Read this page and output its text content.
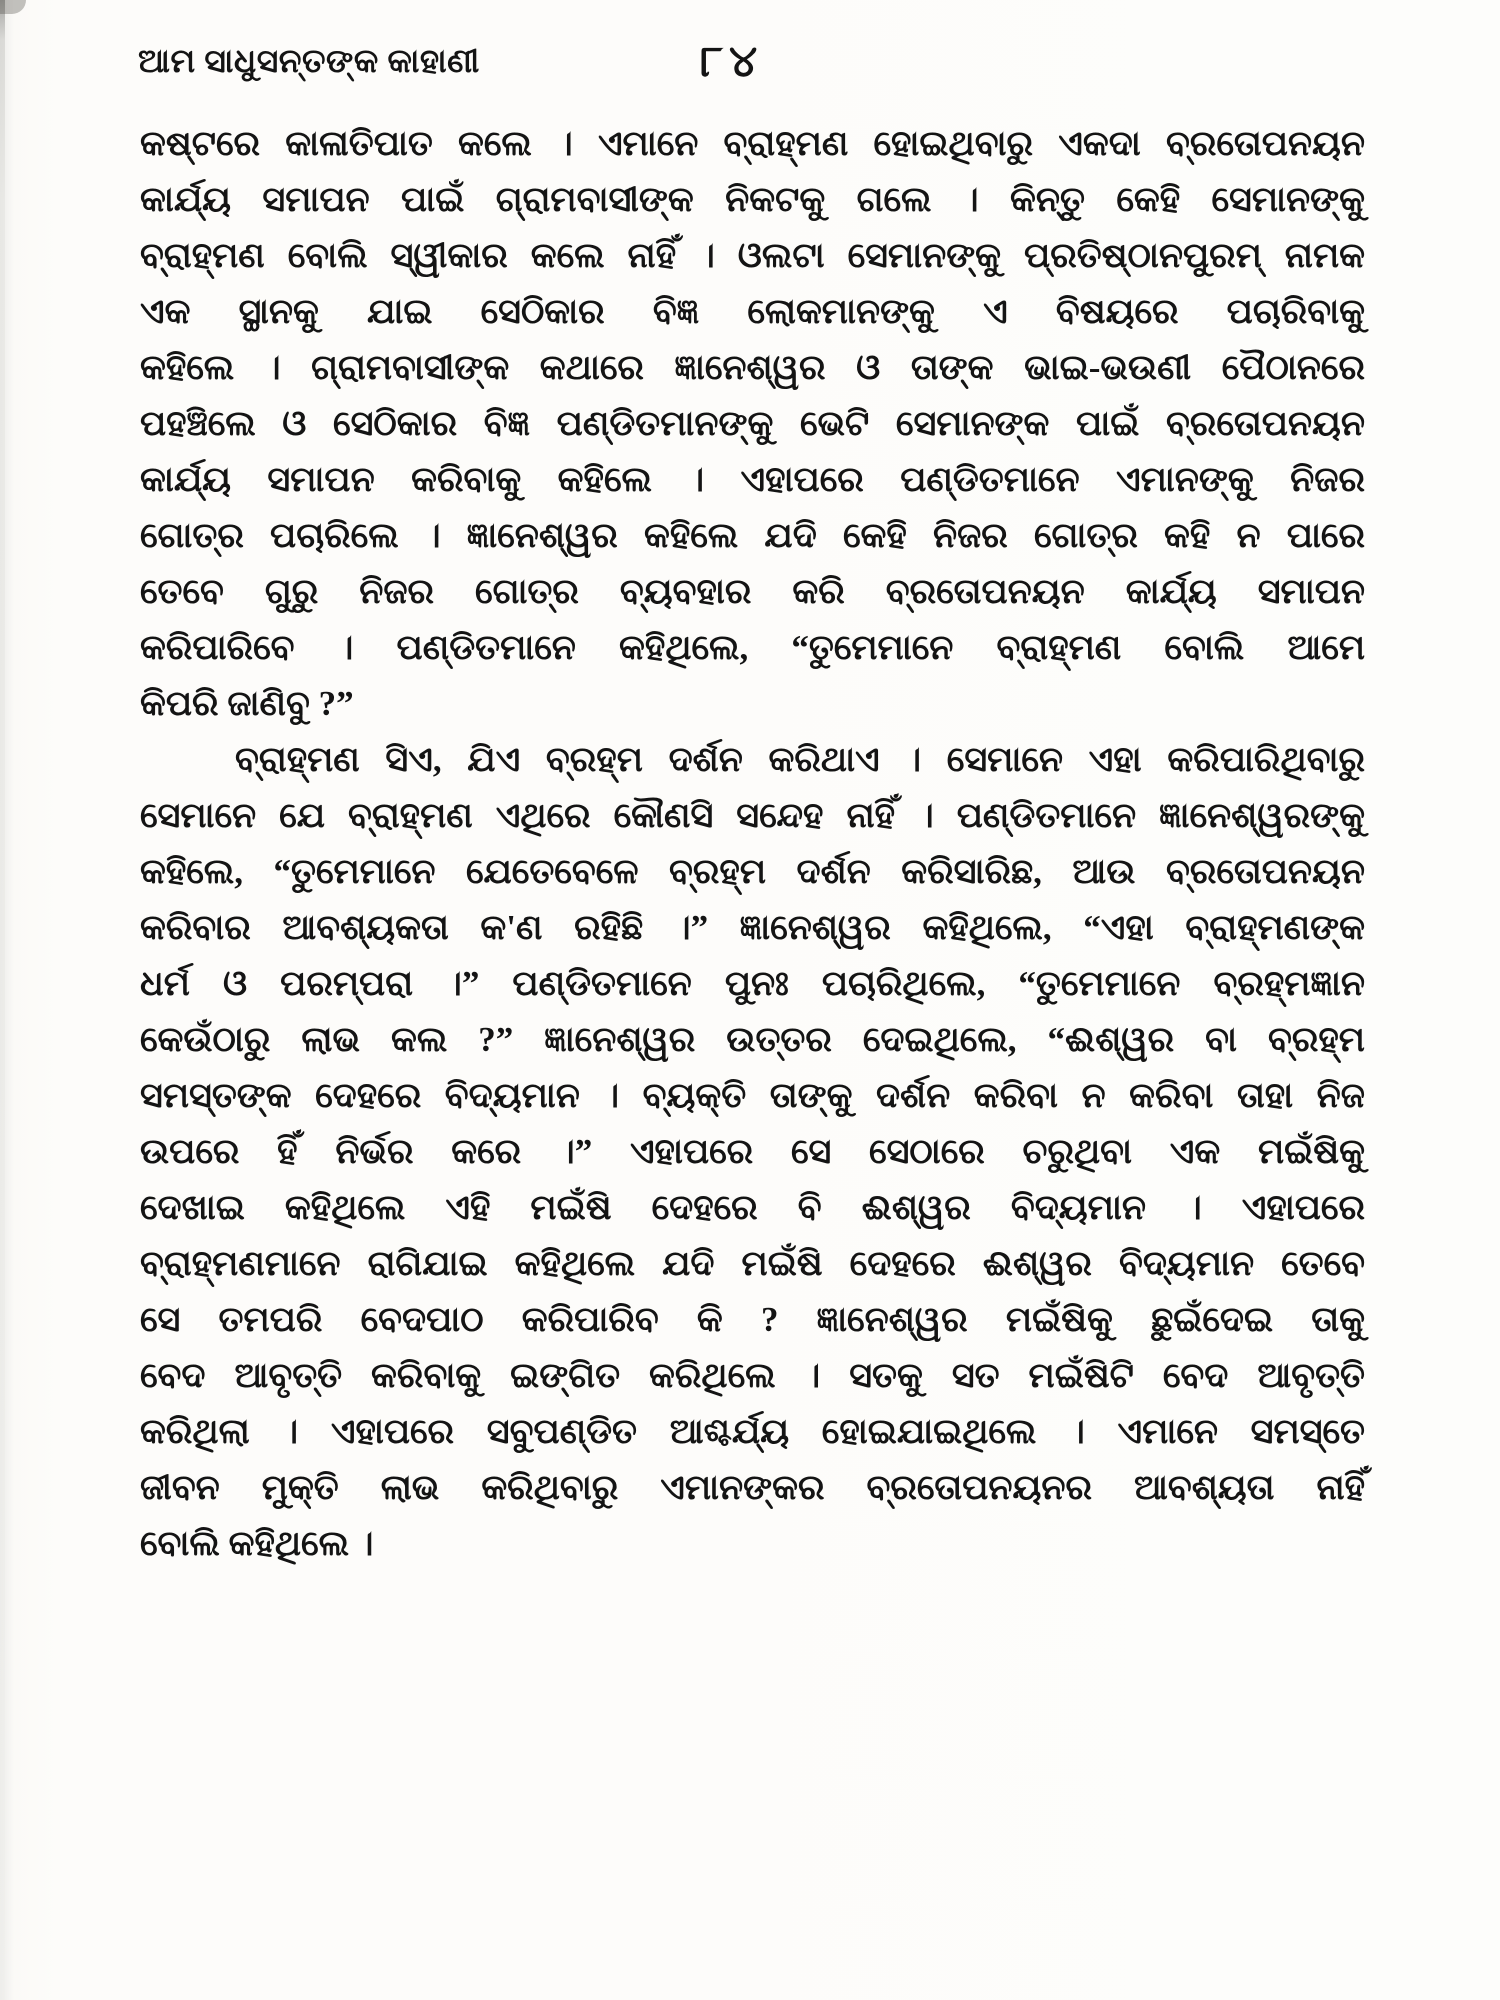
ଆମ ସାଧୁସନ୍ତଙ୍କ କାହାଣୀ	୮୪
କଷ୍ଟରେ କାଳାତିପାତ କଲେ । ଏମାନେ ବ୍ରାହ୍ମଣ ହୋଇଥିବାରୁ ଏକଦା ବ୍ରତୋପନୟନ
କାର୍ଯ୍ୟ ସମାପନ ପାଇଁ ଗ୍ରାମବାସୀଙ୍କ ନିକଟକୁ ଗଲେ । କିନ୍ତୁ କେହି ସେମାନଙ୍କୁ
ବ୍ରାହ୍ମଣ ବୋଲି ସ୍ୱୀକାର କଲେ ନାହିଁ । ଓଲଟା ସେମାନଙ୍କୁ ପ୍ରତିଷ୍ଠାନପୁରମ୍ ନାମକ
ଏକ ସ୍ଥାନକୁ ଯାଇ ସେଠିକାର ବିଜ୍ଞ ଲୋକମାନଙ୍କୁ ଏ ବିଷୟରେ ପଚାରିବାକୁ
କହିଲେ । ଗ୍ରାମବାସୀଙ୍କ କଥାରେ ଜ୍ଞାନେଶ୍ୱର ଓ ତାଙ୍କ ଭାଇ-ଭଉଣୀ ପୈଠାନରେ
ପହଞ୍ଚିଲେ ଓ ସେଠିକାର ବିଜ୍ଞ ପଣ୍ଡିତମାନଙ୍କୁ ଭେଟି ସେମାନଙ୍କ ପାଇଁ ବ୍ରତୋପନୟନ
କାର୍ଯ୍ୟ ସମାପନ କରିବାକୁ କହିଲେ । ଏହାପରେ ପଣ୍ଡିତମାନେ ଏମାନଙ୍କୁ ନିଜର
ଗୋତ୍ର ପଚାରିଲେ । ଜ୍ଞାନେଶ୍ୱର କହିଲେ ଯଦି କେହି ନିଜର ଗୋତ୍ର କହି ନ ପାରେ
ତେବେ ଗୁରୁ ନିଜର ଗୋତ୍ର ବ୍ୟବହାର କରି ବ୍ରତୋପନୟନ କାର୍ଯ୍ୟ ସମାପନ
କରିପାରିବେ । ପଣ୍ଡିତମାନେ କହିଥିଲେ, “ତୁମେମାନେ ବ୍ରାହ୍ମଣ ବୋଲି ଆମେ
କିପରି ଜାଣିବୁ ?”
ବ୍ରାହ୍ମଣ ସିଏ, ଯିଏ ବ୍ରହ୍ମ ଦର୍ଶନ କରିଥାଏ । ସେମାନେ ଏହା କରିପାରିଥିବାରୁ
ସେମାନେ ଯେ ବ୍ରାହ୍ମଣ ଏଥିରେ କୌଣସି ସନ୍ଦେହ ନାହିଁ । ପଣ୍ଡିତମାନେ ଜ୍ଞାନେଶ୍ୱରଙ୍କୁ
କହିଲେ, “ତୁମେମାନେ ଯେତେବେଳେ ବ୍ରହ୍ମ ଦର୍ଶନ କରିସାରିଛ, ଆଉ ବ୍ରତୋପନୟନ
କରିବାର ଆବଶ୍ୟକତା କ'ଣ ରହିଛି ।” ଜ୍ଞାନେଶ୍ୱର କହିଥିଲେ, “ଏହା ବ୍ରାହ୍ମଣଙ୍କ
ଧର୍ମ ଓ ପରମ୍ପରା ।” ପଣ୍ଡିତମାନେ ପୁନଃ ପଚାରିଥିଲେ, “ତୁମେମାନେ ବ୍ରହ୍ମଜ୍ଞାନ
କେଉଁଠାରୁ ଲାଭ କଲ ?” ଜ୍ଞାନେଶ୍ୱର ଉତ୍ତର ଦେଇଥିଲେ, “ଈଶ୍ୱର ବା ବ୍ରହ୍ମ
ସମସ୍ତଙ୍କ ଦେହରେ ବିଦ୍ୟମାନ । ବ୍ୟକ୍ତି ତାଙ୍କୁ ଦର୍ଶନ କରିବା ନ କରିବା ତାହା ନିଜ
ଉପରେ ହିଁ ନିର୍ଭର କରେ ।” ଏହାପରେ ସେ ସେଠାରେ ଚରୁଥିବା ଏକ ମଇଁଷିକୁ
ଦେଖାଇ କହିଥିଲେ ଏହି ମଇଁଷି ଦେହରେ ବି ଈଶ୍ୱର ବିଦ୍ୟମାନ । ଏହାପରେ
ବ୍ରାହ୍ମଣମାନେ ରାଗିଯାଇ କହିଥିଲେ ଯଦି ମଇଁଷି ଦେହରେ ଈଶ୍ୱର ବିଦ୍ୟମାନ ତେବେ
ସେ ତମପରି ବେଦପାଠ କରିପାରିବ କି ? ଜ୍ଞାନେଶ୍ୱର ମଇଁଷିକୁ ଛୁଇଁଦେଇ ତାକୁ
ବେଦ ଆବୃତ୍ତି କରିବାକୁ ଇଙ୍ଗିତ କରିଥିଲେ । ସତକୁ ସତ ମଇଁଷିଟି ବେଦ ଆବୃତ୍ତି
କରିଥିଲା । ଏହାପରେ ସବୁପଣ୍ଡିତ ଆଶ୍ଚର୍ଯ୍ୟ ହୋଇଯାଇଥିଲେ । ଏମାନେ ସମସ୍ତେ
ଜୀବନ ମୁକ୍ତି ଲାଭ କରିଥିବାରୁ ଏମାନଙ୍କର ବ୍ରତୋପନୟନର ଆବଶ୍ୟତା ନାହିଁ
ବୋଲି କହିଥିଲେ ।
